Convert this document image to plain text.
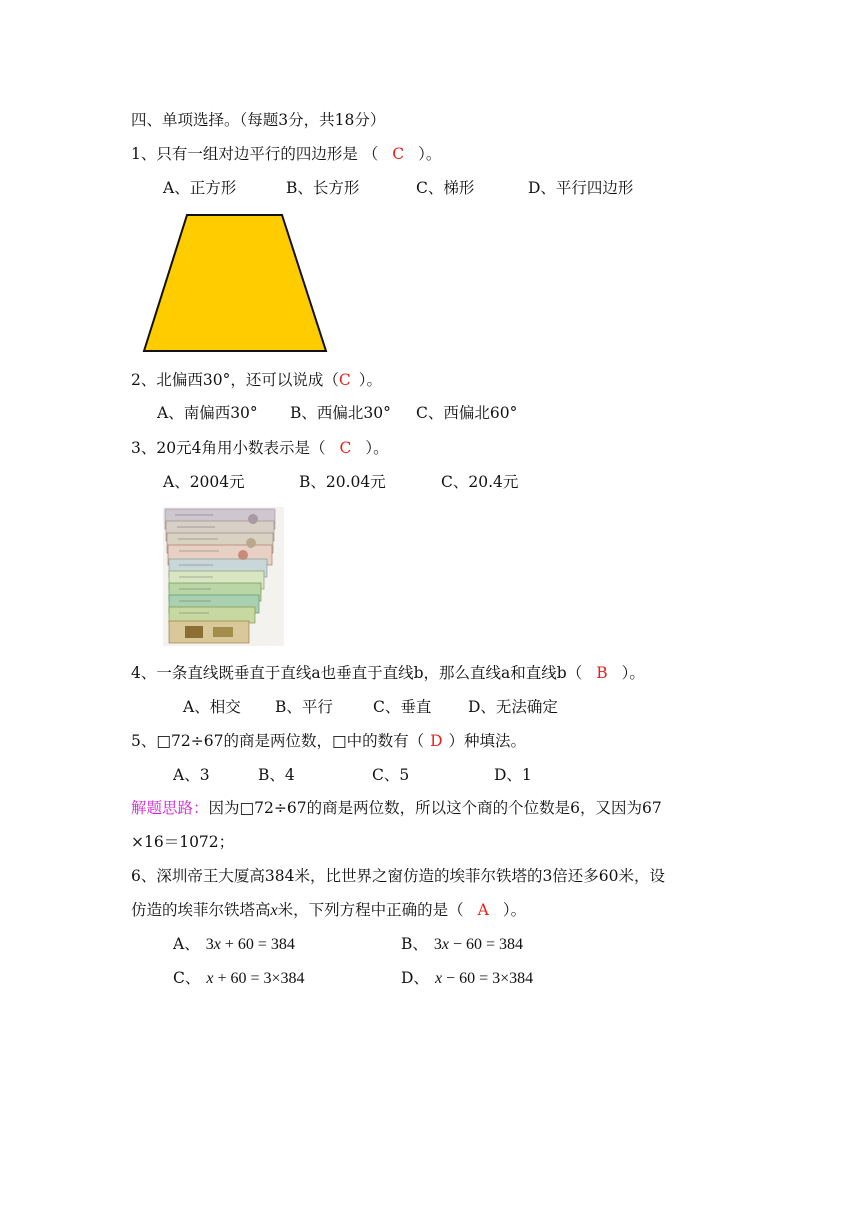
四、单项选择。（每题3分，共18分）
1、只有一组对边平行的四边形是 （ C ）。
A、正方形	B、长方形	C、梯形	D、平行四边形
2、北偏西30°，还可以说成（C ）。
A、南偏西30° B、西偏北30° C、西偏北60°
3、20元4角用小数表示是（ C ）。
A、2004元	B、20.04元	C、20.4元
4、一条直线既垂直于直线a也垂直于直线b，那么直线a和直线b（ B ）。
A、相交 B、平行	C、垂直 D、无法确定
5、□72÷67的商是两位数，□中的数有（ D ）种填法。
A、3	B、4	C、5	D、1
解题思路：因为□72÷67的商是两位数，所以这个商的个位数是6，又因为67
×16＝1072；
6、深圳帝王大厦高384米，比世界之窗仿造的埃菲尔铁塔的3倍还多60米，设
仿造的埃菲尔铁塔高x米，下列方程中正确的是（ A ）。
A、 3x + 60 = 384	B、 3x − 60 = 384
C、 x + 60 = 3×384	D、 x − 60 = 3×384
